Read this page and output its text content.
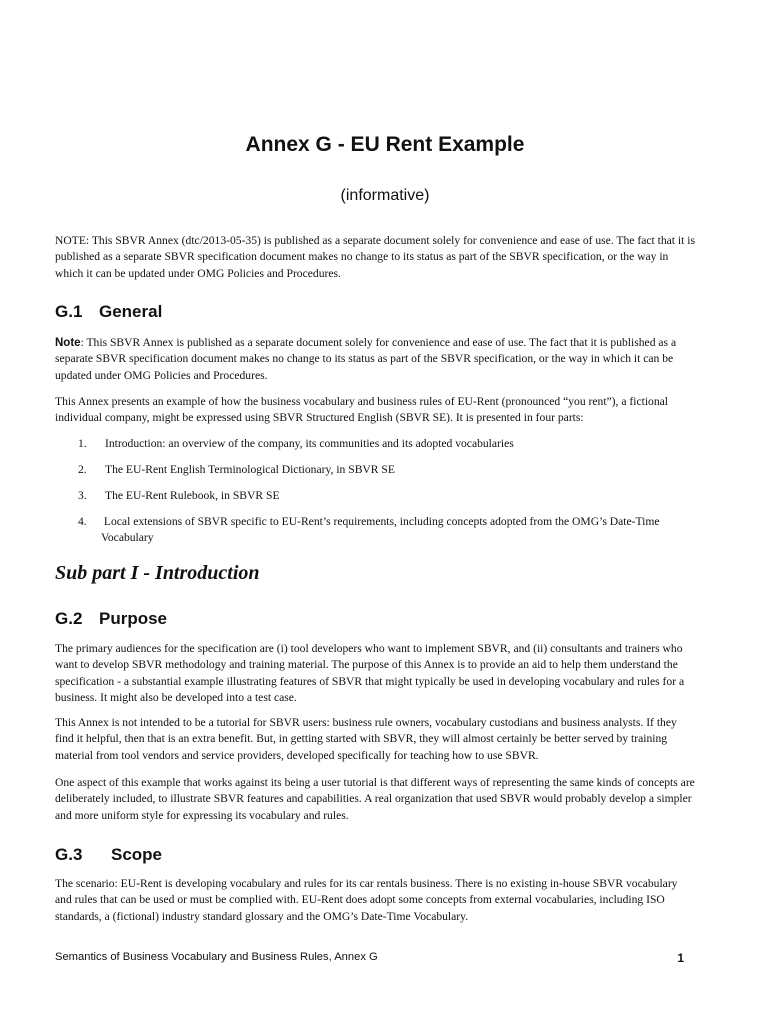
Annex G - EU Rent Example
(informative)

NOTE: This SBVR Annex (dtc/2013-05-35) is published as a separate document solely for convenience and ease of use. The fact that it is published as a separate SBVR specification document makes no change to its status as part of the SBVR specification, or the way in which it can be updated under OMG Policies and Procedures.

G.1 General

Note: This SBVR Annex is published as a separate document solely for convenience and ease of use. The fact that it is published as a separate SBVR specification document makes no change to its status as part of the SBVR specification, or the way in which it can be updated under OMG Policies and Procedures.

This Annex presents an example of how the business vocabulary and business rules of EU-Rent (pronounced “you rent”), a fictional individual company, might be expressed using SBVR Structured English (SBVR SE). It is presented in four parts:

1. Introduction: an overview of the company, its communities and its adopted vocabularies
2. The EU-Rent English Terminological Dictionary, in SBVR SE
3. The EU-Rent Rulebook, in SBVR SE
4. Local extensions of SBVR specific to EU-Rent’s requirements, including concepts adopted from the OMG’s Date-Time Vocabulary
Sub part I - Introduction
G.2 Purpose

The primary audiences for the specification are (i) tool developers who want to implement SBVR, and (ii) consultants and trainers who want to develop SBVR methodology and training material. The purpose of this Annex is to provide an aid to help them understand the specification - a substantial example illustrating features of SBVR that might typically be used in developing vocabulary and rules for a business. It might also be developed into a test case.

This Annex is not intended to be a tutorial for SBVR users: business rule owners, vocabulary custodians and business analysts. If they find it helpful, then that is an extra benefit. But, in getting started with SBVR, they will almost certainly be better served by training material from tool vendors and service providers, developed specifically for teaching how to use SBVR.

One aspect of this example that works against its being a user tutorial is that different ways of representing the same kinds of concepts are deliberately included, to illustrate SBVR features and capabilities. A real organization that used SBVR would probably develop a simpler and more uniform style for expressing its vocabulary and rules.

G.3 Scope

The scenario: EU-Rent is developing vocabulary and rules for its car rentals business. There is no existing in-house SBVR vocabulary and rules that can be used or must be complied with. EU-Rent does adopt some concepts from external vocabularies, including ISO standards, a (fictional) industry standard glossary and the OMG’s Date-Time Vocabulary.

Semantics of Business Vocabulary and Business Rules, Annex G	1
